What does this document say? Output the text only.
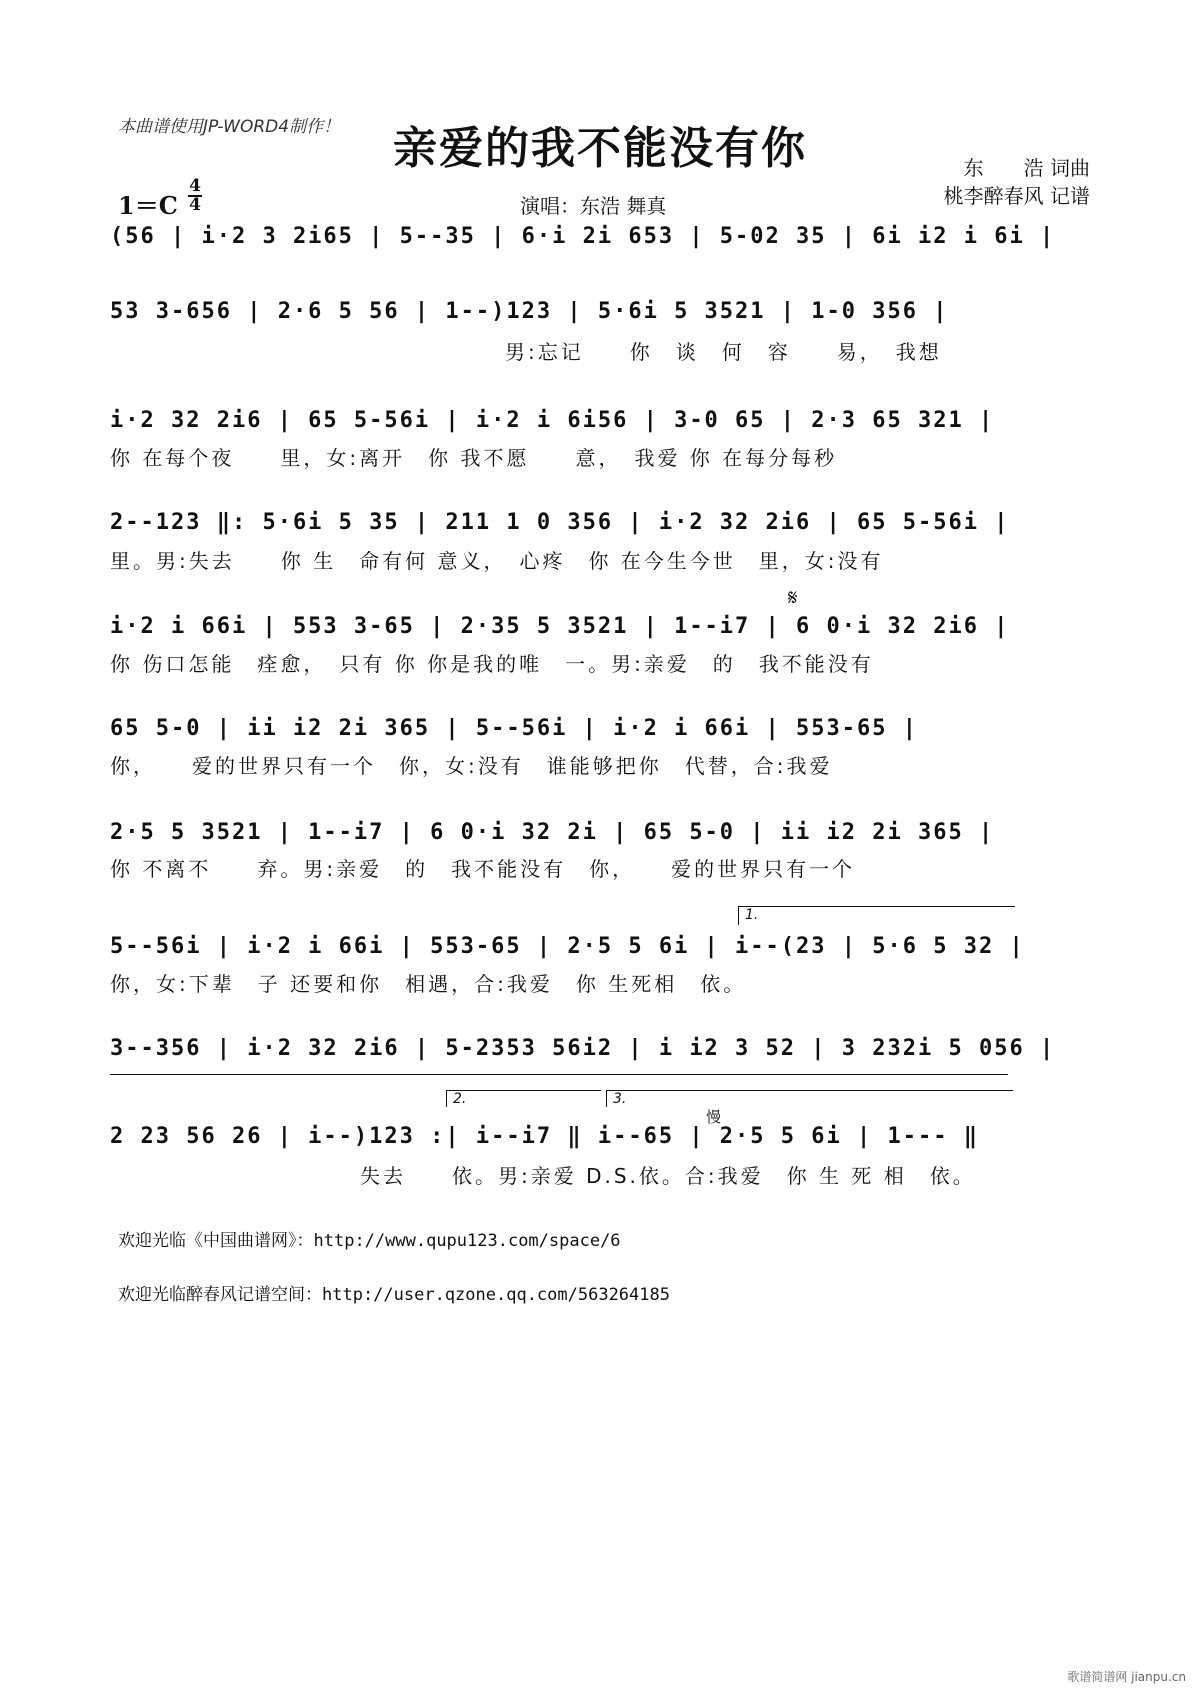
本曲谱使用JP-WORD4制作！	亲爱的我不能没有你	东　　浩 词曲
桃李醉春风 记谱
1＝C
4
4	演唱：东浩 舞真
(56 | i·2 3 2i65 | 5--35 | 6·i 2i 653 | 5-02 35 | 6i i2 i 6i |
53 3-656 | 2·6 5 56 | 1--)123 | 5·6i 5 3521 | 1-0 356 |
男:忘记　　你　谈　何　容　　易，　我想
i·2 32 2i6 | 65 5-56i | i·2 i 6i56 | 3-0 65 | 2·3 65 321 |
你 在每个夜　　里，女:离开　你 我不愿　　意，　我爱 你 在每分每秒
2--123 ‖: 5·6i 5 35 | 211 1 0 356 | i·2 32 2i6 | 65 5-56i |
里。男:失去　　你 生　命有何 意义，　心疼　你 在今生今世　里，女:没有
i·2 i 66i | 553 3-65 | 2·35 5 3521 | 1--i7 | 6 0·i 32 2i6 |
你 伤口怎能　痊愈，　只有 你 你是我的唯　一。男:亲爱　的　我不能没有
𝄋
65 5-0 | ii i2 2i 365 | 5--56i | i·2 i 66i | 553-65 |
你，　　爱的世界只有一个　你，女:没有　谁能够把你　代替，合:我爱
2·5 5 3521 | 1--i7 | 6 0·i 32 2i | 65 5-0 | ii i2 2i 365 |
你 不离不　　弃。男:亲爱　的　我不能没有　你，　　爱的世界只有一个
5--56i | i·2 i 66i | 553-65 | 2·5 5 6i | i--(23 | 5·6 5 32 |
你，女:下辈　子 还要和你　相遇，合:我爱　你 生死相　依。
1.
3--356 | i·2 32 2i6 | 5-2353 56i2 | i i2 3 52 | 3 232i 5 056 |
2.	3.
慢
2 23 56 26 | i--)123 :| i--i7 ‖ i--65 | 2·5 5 6i | 1--- ‖
失去　　依。男:亲爱 D.S.依。合:我爱　你 生 死 相　依。
欢迎光临《中国曲谱网》：http://www.qupu123.com/space/6
欢迎光临醉春风记谱空间：http://user.qzone.qq.com/563264185
歌谱简谱网 jianpu.cn
